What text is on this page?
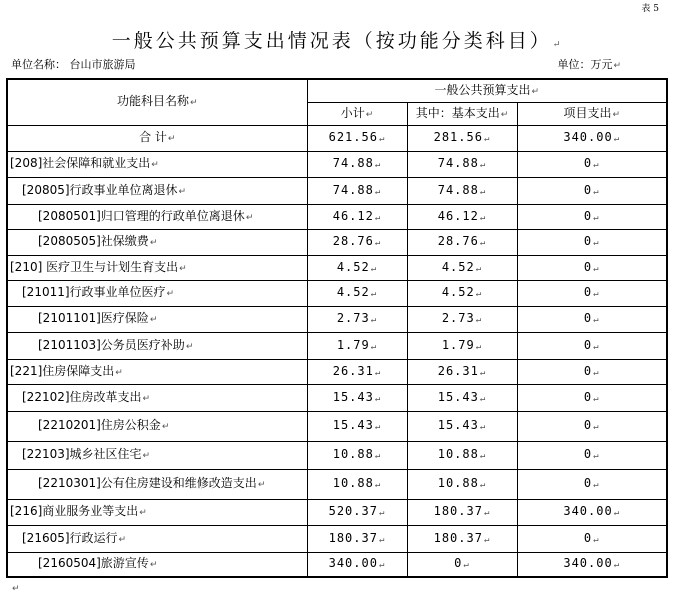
表 5
一般公共预算支出情况表（按功能分类科目）↵
单位名称： 台山市旅游局	单位：万元↵
功能科目名称↵	一般公共预算支出↵		
	小计↵	其中：基本支出↵	项目支出↵
合 计↵	621.56↵	281.56↵	340.00↵
[208]社会保障和就业支出↵	74.88↵	74.88↵	0↵
[20805]行政事业单位离退休↵	74.88↵	74.88↵	0↵
[2080501]归口管理的行政单位离退休↵	46.12↵	46.12↵	0↵
[2080505]社保缴费↵	28.76↵	28.76↵	0↵
[210] 医疗卫生与计划生育支出↵	4.52↵	4.52↵	0↵
[21011]行政事业单位医疗↵	4.52↵	4.52↵	0↵
[2101101]医疗保险↵	2.73↵	2.73↵	0↵
[2101103]公务员医疗补助↵	1.79↵	1.79↵	0↵
[221]住房保障支出↵	26.31↵	26.31↵	0↵
[22102]住房改革支出↵	15.43↵	15.43↵	0↵
[2210201]住房公积金↵	15.43↵	15.43↵	0↵
[22103]城乡社区住宅↵	10.88↵	10.88↵	0↵
[2210301]公有住房建设和维修改造支出↵	10.88↵	10.88↵	0↵
[216]商业服务业等支出↵	520.37↵	180.37↵	340.00↵
[21605]行政运行↵	180.37↵	180.37↵	0↵
[2160504]旅游宣传↵	340.00↵	0↵	340.00↵
↵
